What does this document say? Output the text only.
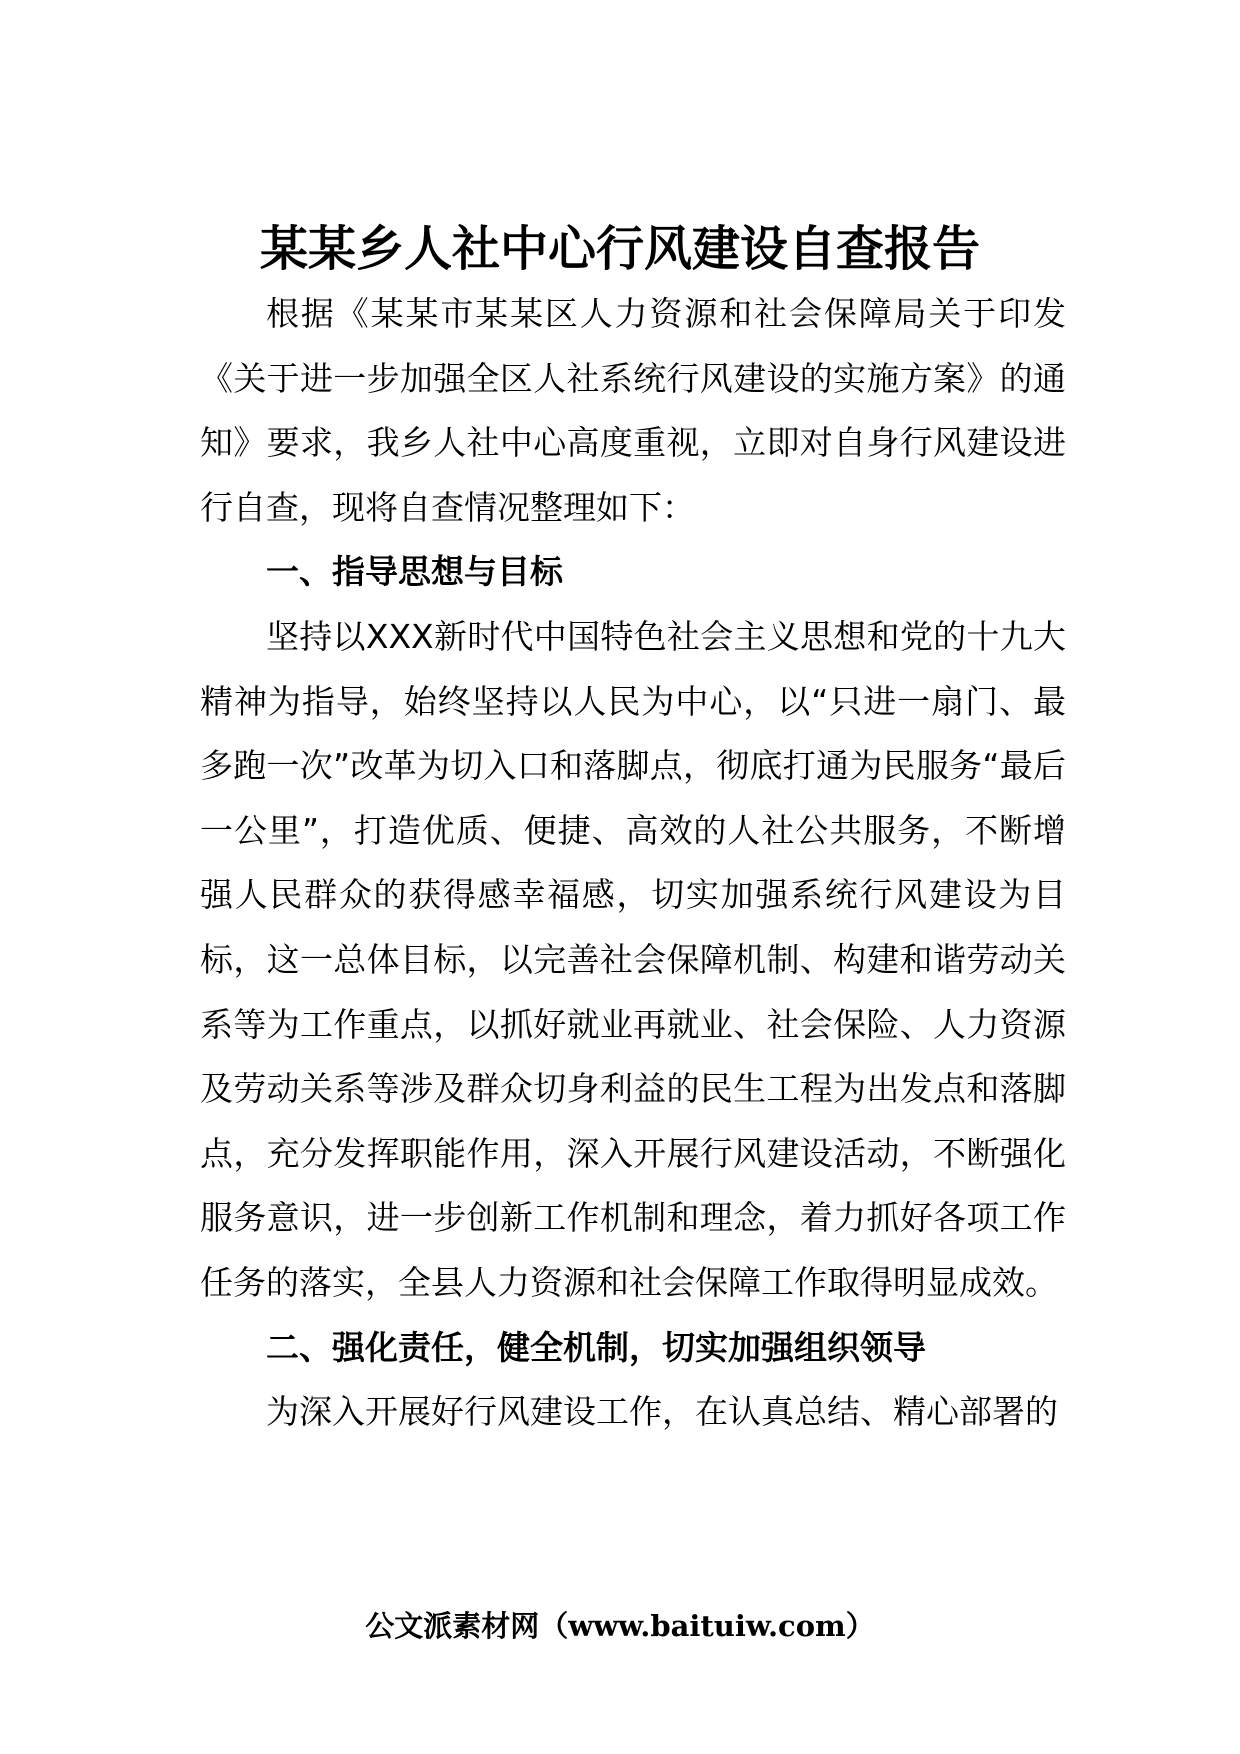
某某乡人社中心行风建设自查报告

根据《某某市某某区人力资源和社会保障局关于印发《关于进一步加强全区人社系统行风建设的实施方案》的通知》要求，我乡人社中心高度重视，立即对自身行风建设进行自查，现将自查情况整理如下：

一、指导思想与目标

坚持以XXX新时代中国特色社会主义思想和党的十九大精神为指导，始终坚持以人民为中心，以“只进一扇门、最多跑一次”改革为切入口和落脚点，彻底打通为民服务“最后一公里”，打造优质、便捷、高效的人社公共服务，不断增强人民群众的获得感幸福感，切实加强系统行风建设为目标，这一总体目标，以完善社会保障机制、构建和谐劳动关系等为工作重点，以抓好就业再就业、社会保险、人力资源及劳动关系等涉及群众切身利益的民生工程为出发点和落脚点，充分发挥职能作用，深入开展行风建设活动，不断强化服务意识，进一步创新工作机制和理念，着力抓好各项工作任务的落实，全县人力资源和社会保障工作取得明显成效。

二、强化责任，健全机制，切实加强组织领导

为深入开展好行风建设工作，在认真总结、精心部署的

公文派素材网（www.baituiw.com）
